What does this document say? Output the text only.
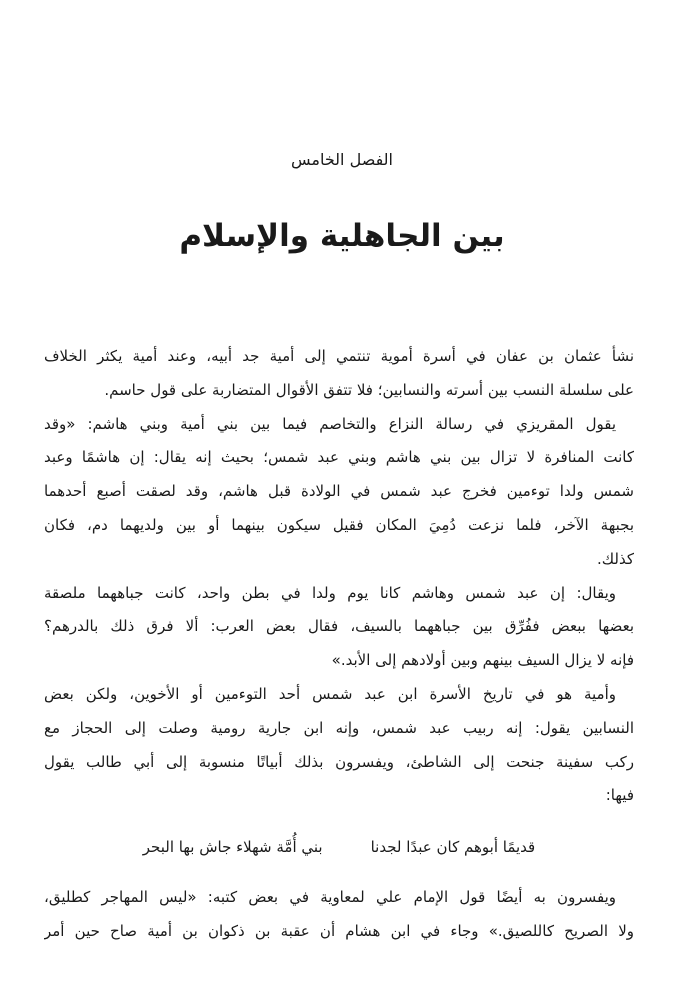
الفصل الخامس
بين الجاهلية والإسلام
نشأ عثمان بن عفان في أسرة أموية تنتمي إلى أمية جد أبيه، وعند أمية يكثر الخلاف
على سلسلة النسب بين أسرته والنسابين؛ فلا تتفق الأقوال المتضاربة على قول حاسم.
يقول المقريزي في رسالة النزاع والتخاصم فيما بين بني أمية وبني هاشم: «وقد
كانت المنافرة لا تزال بين بني هاشم وبني عبد شمس؛ بحيث إنه يقال: إن هاشمًا وعبد
شمس ولدا توءمين فخرج عبد شمس في الولادة قبل هاشم، وقد لصقت أصبع أحدهما
بجبهة الآخر، فلما نزعت دُمِيَ المكان فقيل سيكون بينهما أو بين ولديهما دم، فكان
كذلك.
ويقال: إن عبد شمس وهاشم كانا يوم ولدا في بطن واحد، كانت جباههما ملصقة
بعضها ببعض ففُرِّق بين جباههما بالسيف، فقال بعض العرب: ألا فرق ذلك بالدرهم؟
فإنه لا يزال السيف بينهم وبين أولادهم إلى الأبد.»
وأمية هو في تاريخ الأسرة ابن عبد شمس أحد التوءمين أو الأخوين، ولكن بعض
النسابين يقول: إنه ربيب عبد شمس، وإنه ابن جارية رومية وصلت إلى الحجاز مع
ركب سفينة جنحت إلى الشاطئ، ويفسرون بذلك أبياتًا منسوبة إلى أبي طالب يقول
فيها:
قديمًا أبوهم كان عبدًا لجدنا
بني أُمَّة شهلاء جاش بها البحر
ويفسرون به أيضًا قول الإمام علي لمعاوية في بعض كتبه: «ليس المهاجر كطليق،
ولا الصريح كاللصيق.» وجاء في ابن هشام أن عقبة بن ذكوان بن أمية صاح حين أمر
